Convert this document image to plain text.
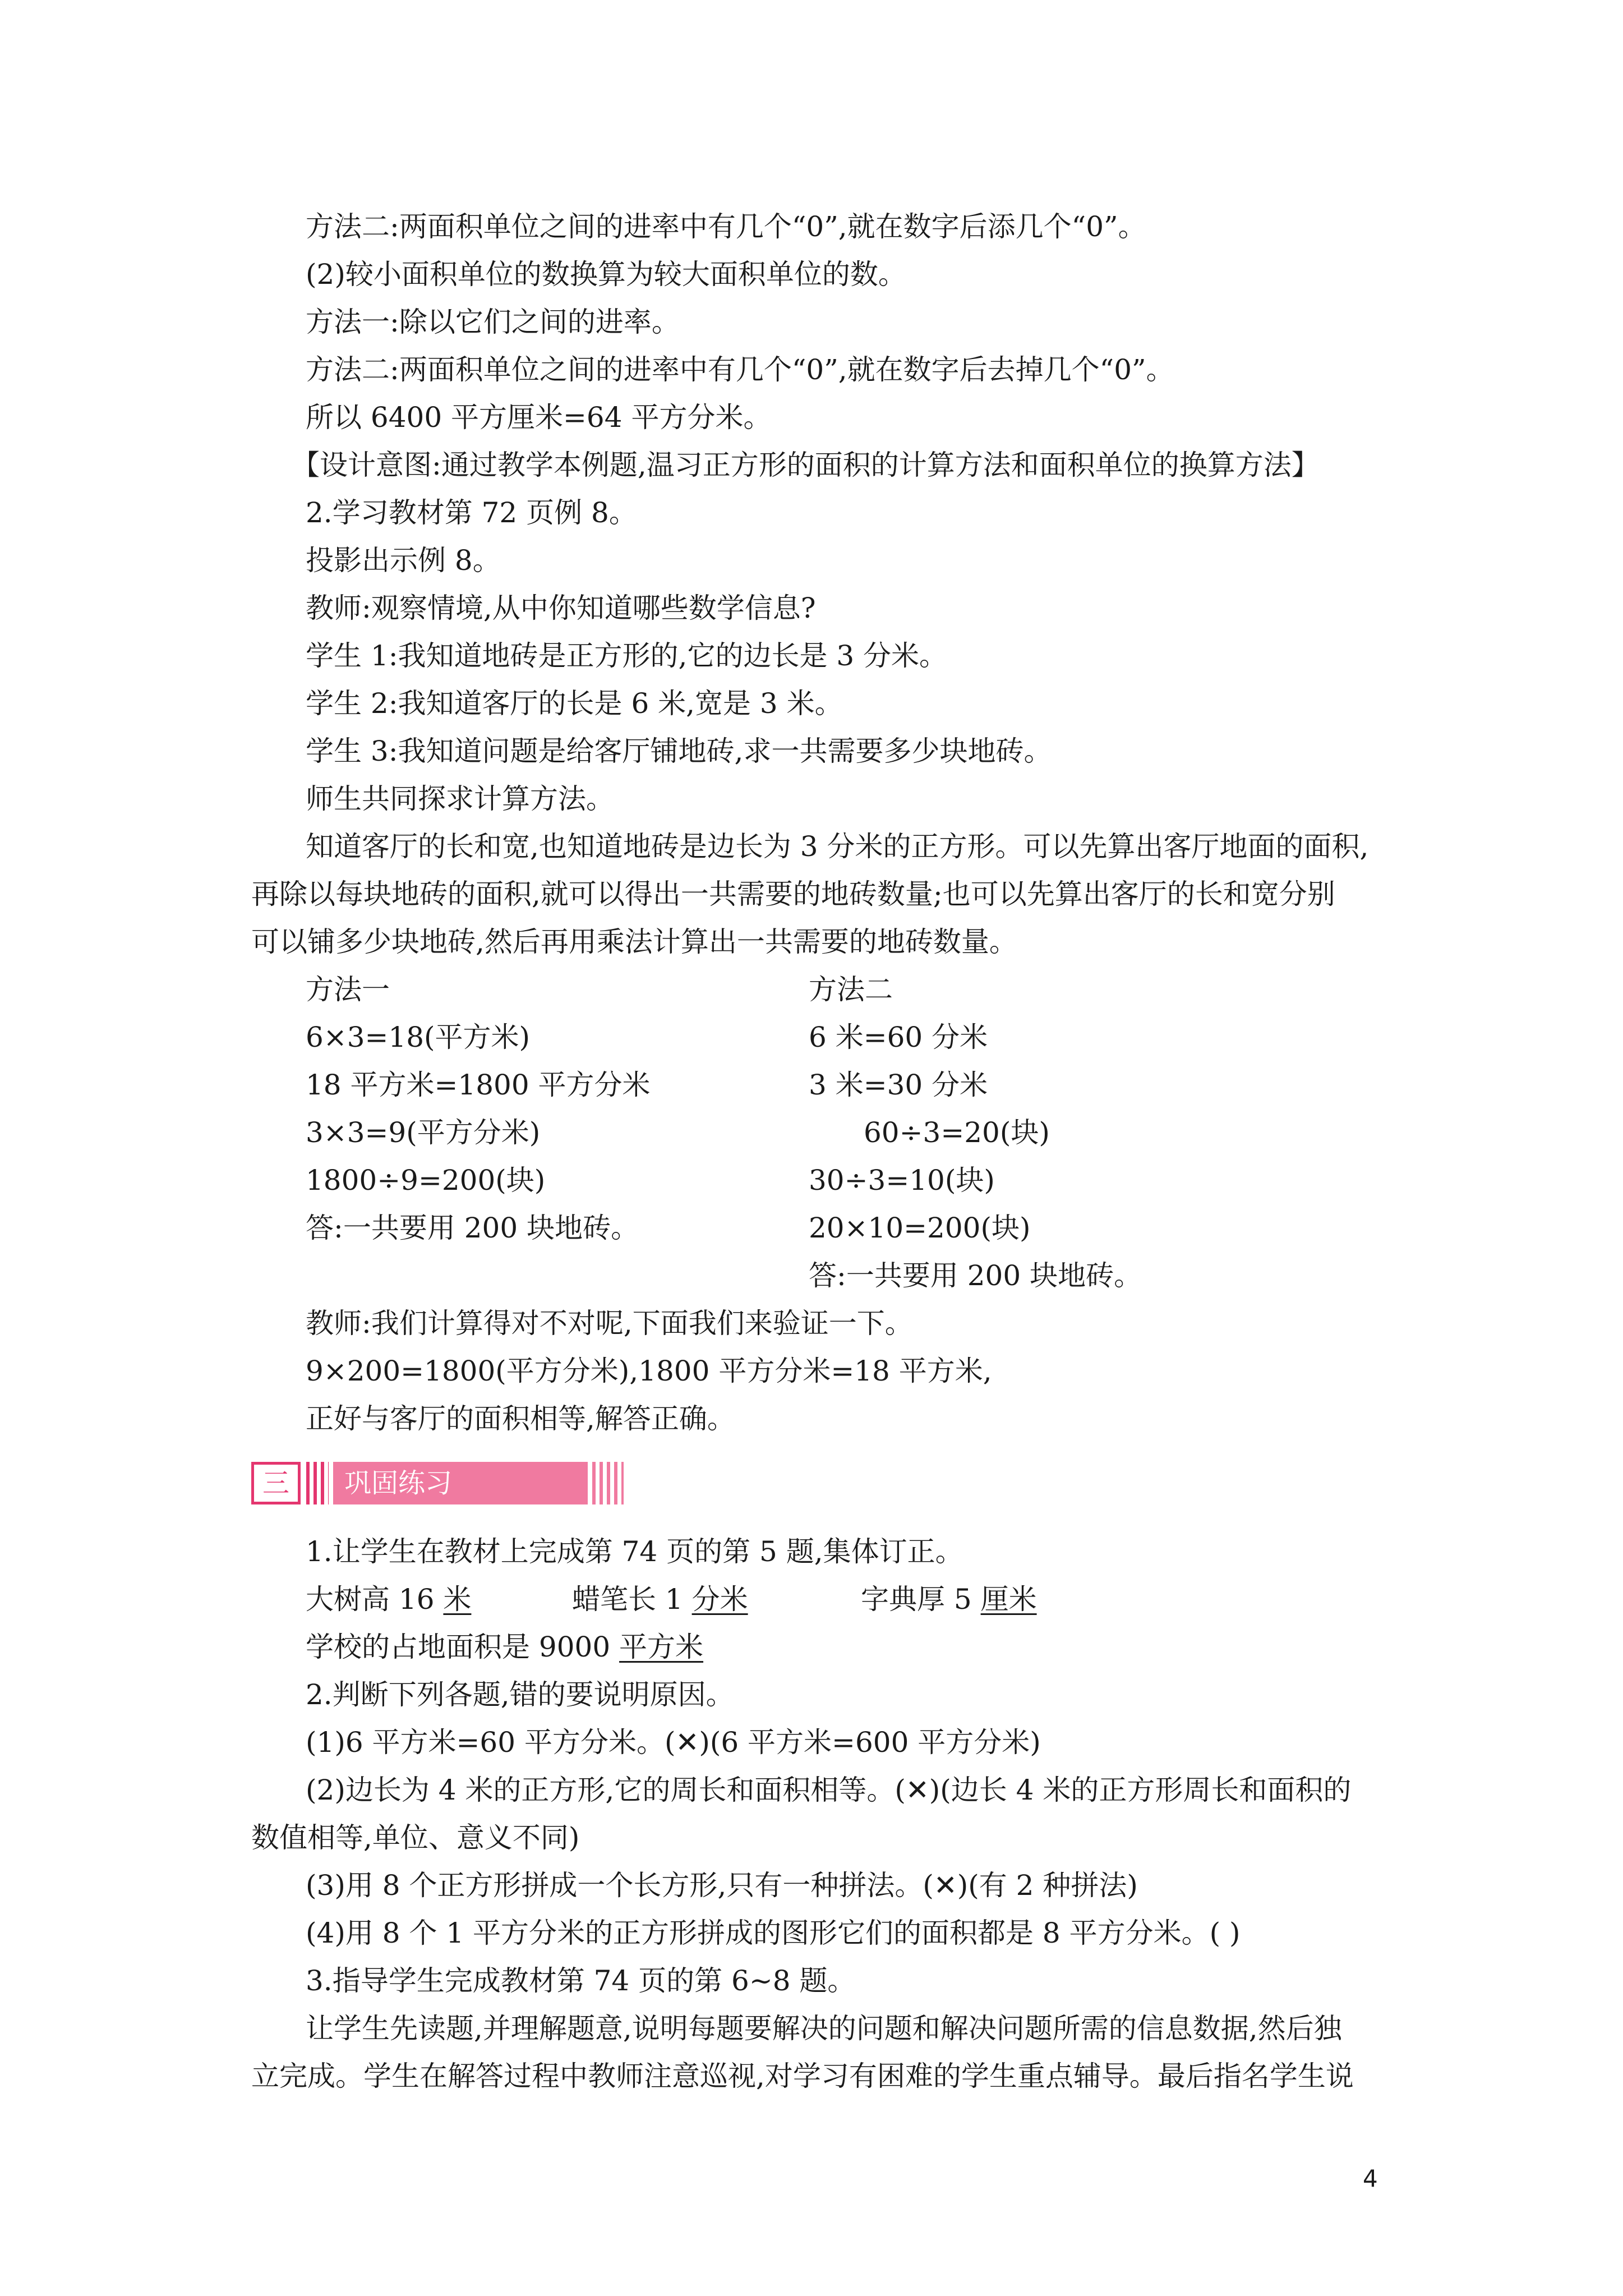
方法二:两面积单位之间的进率中有几个“0”,就在数字后添几个“0”。
(2)较小面积单位的数换算为较大面积单位的数。
方法一:除以它们之间的进率。
方法二:两面积单位之间的进率中有几个“0”,就在数字后去掉几个“0”。
所以 6400 平方厘米=64 平方分米。
【设计意图:通过教学本例题,温习正方形的面积的计算方法和面积单位的换算方法】
2.学习教材第 72 页例 8。
投影出示例 8。
教师:观察情境,从中你知道哪些数学信息?
学生 1:我知道地砖是正方形的,它的边长是 3 分米。
学生 2:我知道客厅的长是 6 米,宽是 3 米。
学生 3:我知道问题是给客厅铺地砖,求一共需要多少块地砖。
师生共同探求计算方法。
知道客厅的长和宽,也知道地砖是边长为 3 分米的正方形。可以先算出客厅地面的面积,
再除以每块地砖的面积,就可以得出一共需要的地砖数量;也可以先算出客厅的长和宽分别
可以铺多少块地砖,然后再用乘法计算出一共需要的地砖数量。
方法一
6×3=18(平方米)
18 平方米=1800 平方分米
3×3=9(平方分米)
1800÷9=200(块)
答:一共要用 200 块地砖。
方法二
6 米=60 分米
3 米=30 分米
60÷3=20(块)
30÷3=10(块)
20×10=200(块)
答:一共要用 200 块地砖。
教师:我们计算得对不对呢,下面我们来验证一下。
9×200=1800(平方分米),1800 平方分米=18 平方米,
正好与客厅的面积相等,解答正确。
三	巩固练习
1.让学生在教材上完成第 74 页的第 5 题,集体订正。
大树高 16 米	蜡笔长 1 分米	字典厚 5 厘米
学校的占地面积是 9000 平方米
2.判断下列各题,错的要说明原因。
(1)6 平方米=60 平方分米。(✕)(6 平方米=600 平方分米)
(2)边长为 4 米的正方形,它的周长和面积相等。(✕)(边长 4 米的正方形周长和面积的
数值相等,单位、意义不同)
(3)用 8 个正方形拼成一个长方形,只有一种拼法。(✕)(有 2 种拼法)
(4)用 8 个 1 平方分米的正方形拼成的图形它们的面积都是 8 平方分米。( )
3.指导学生完成教材第 74 页的第 6~8 题。
让学生先读题,并理解题意,说明每题要解决的问题和解决问题所需的信息数据,然后独
立完成。学生在解答过程中教师注意巡视,对学习有困难的学生重点辅导。最后指名学生说
4
